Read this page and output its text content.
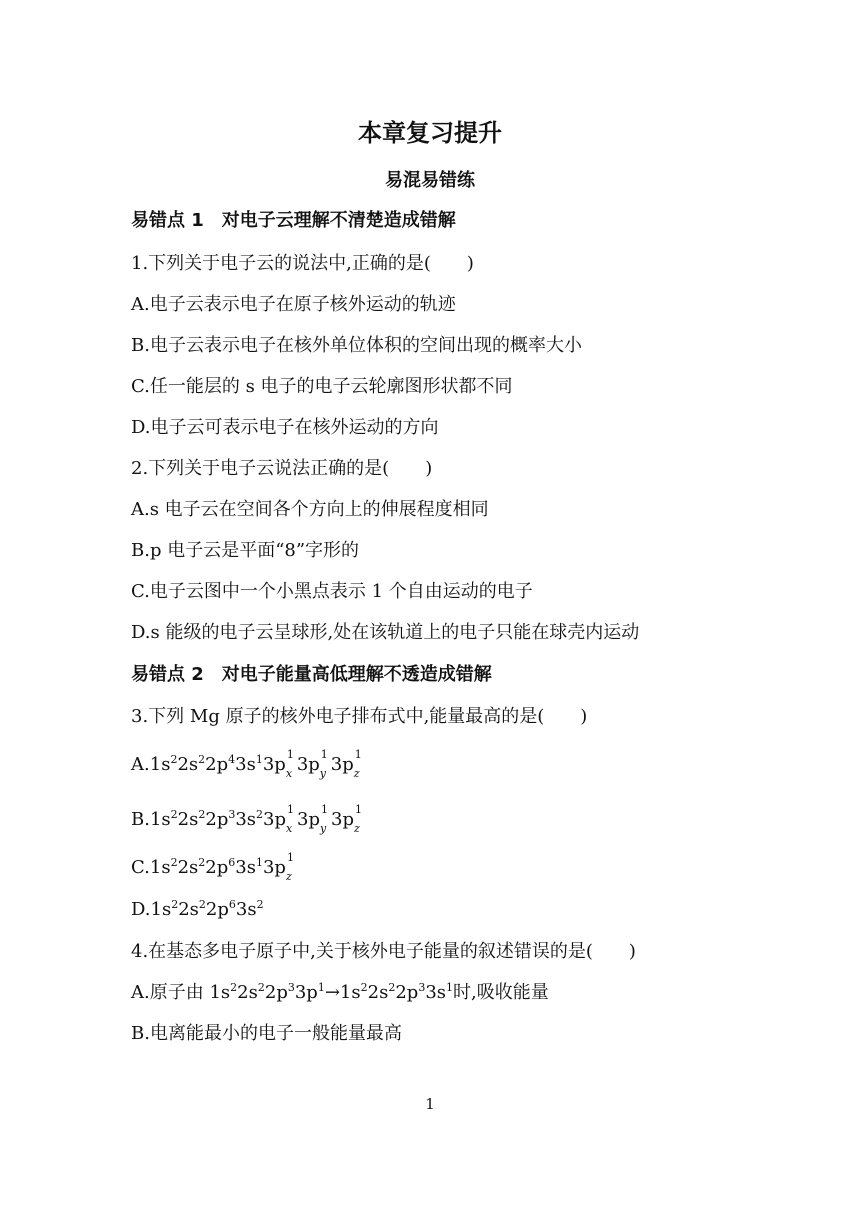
本章复习提升
易混易错练
易错点 1 对电子云理解不清楚造成错解
1.下列关于电子云的说法中,正确的是(　　)
A.电子云表示电子在原子核外运动的轨迹
B.电子云表示电子在核外单位体积的空间出现的概率大小
C.任一能层的 s 电子的电子云轮廓图形状都不同
D.电子云可表示电子在核外运动的方向
2.下列关于电子云说法正确的是(　　)
A.s 电子云在空间各个方向上的伸展程度相同
B.p 电子云是平面“8”字形的
C.电子云图中一个小黑点表示 1 个自由运动的电子
D.s 能级的电子云呈球形,处在该轨道上的电子只能在球壳内运动
易错点 2 对电子能量高低理解不透造成错解
3.下列 Mg 原子的核外电子排布式中,能量最高的是(　　)
$A.1s^22s^22p^43s^13p$ 1
x 3p 1
y 3p 1
z
$B.1s^22s^22p^33s^23p$ 1
x 3p 1
y 3p 1
z
$C.1s^22s^22p^63s^13p$ 1
z
$D.1s^22s^22p^63s^2$
4.在基态多电子原子中,关于核外电子能量的叙述错误的是(　　)
A.原子由 $1s^22s^22p^33p^1\to 1s^22s^22p^33s^1$时,吸收能量
B.电离能最小的电子一般能量最高
1
